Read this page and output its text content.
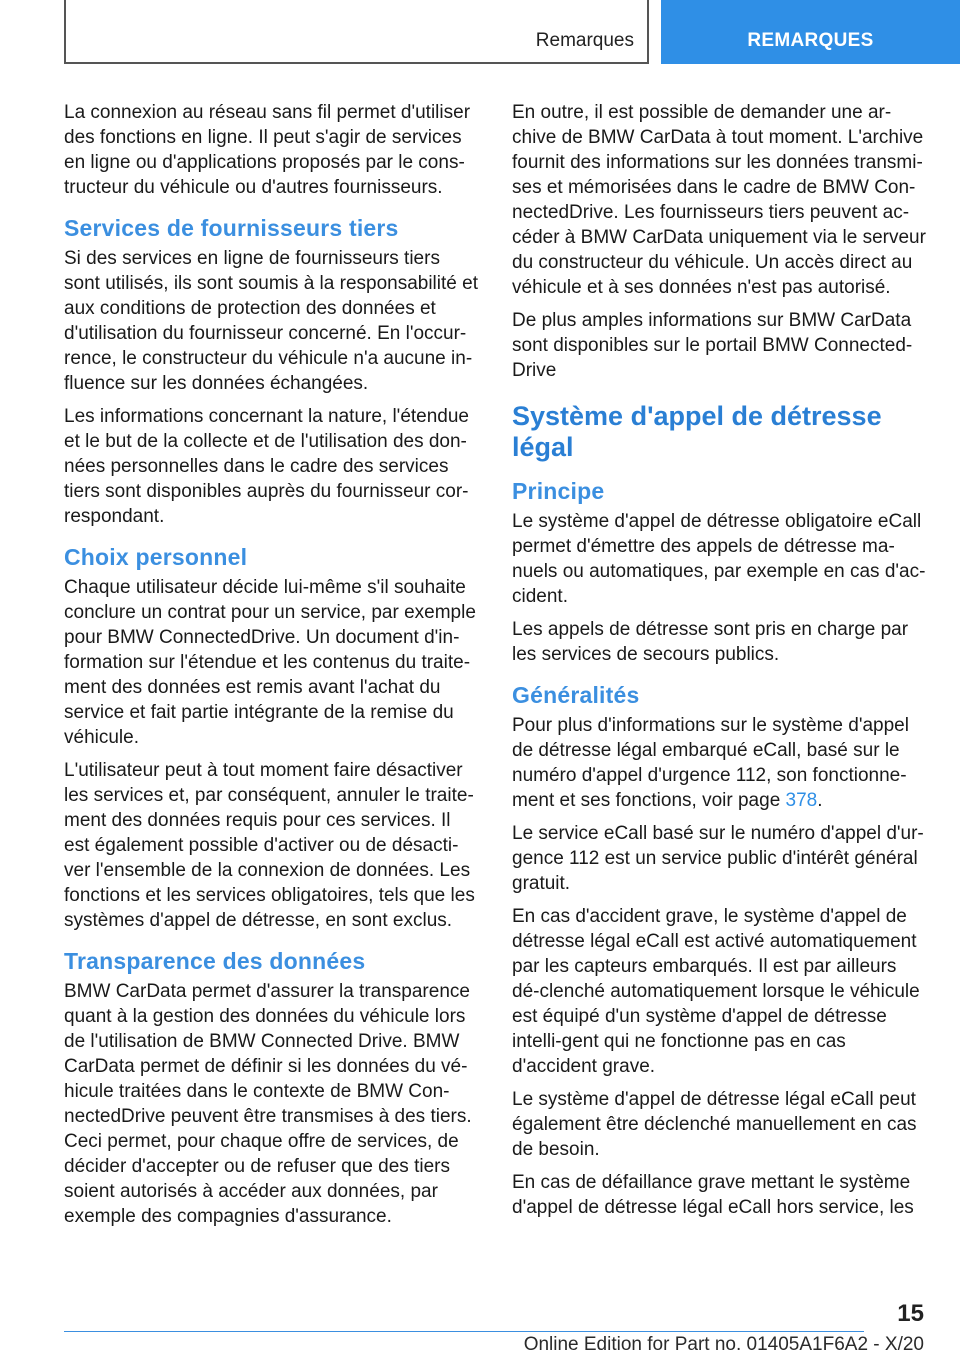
Remarques	REMARQUES

La connexion au réseau sans fil permet d'utiliser des fonctions en ligne. Il peut s'agir de services en ligne ou d'applications proposés par le cons-tructeur du véhicule ou d'autres fournisseurs.

Services de fournisseurs tiers

Si des services en ligne de fournisseurs tiers sont utilisés, ils sont soumis à la responsabilité et aux conditions de protection des données et d'utilisation du fournisseur concerné. En l'occur-rence, le constructeur du véhicule n'a aucune in-fluence sur les données échangées.

Les informations concernant la nature, l'étendue et le but de la collecte et de l'utilisation des don-nées personnelles dans le cadre des services tiers sont disponibles auprès du fournisseur cor-respondant.

Choix personnel

Chaque utilisateur décide lui-même s'il souhaite conclure un contrat pour un service, par exemple pour BMW ConnectedDrive. Un document d'in-formation sur l'étendue et les contenus du traite-ment des données est remis avant l'achat du service et fait partie intégrante de la remise du véhicule.

L'utilisateur peut à tout moment faire désactiver les services et, par conséquent, annuler le traite-ment des données requis pour ces services. Il est également possible d'activer ou de désacti-ver l'ensemble de la connexion de données. Les fonctions et les services obligatoires, tels que les systèmes d'appel de détresse, en sont exclus.

Transparence des données

BMW CarData permet d'assurer la transparence quant à la gestion des données du véhicule lors de l'utilisation de BMW Connected Drive. BMW CarData permet de définir si les données du vé-hicule traitées dans le contexte de BMW Con-nectedDrive peuvent être transmises à des tiers. Ceci permet, pour chaque offre de services, de décider d'accepter ou de refuser que des tiers soient autorisés à accéder aux données, par exemple des compagnies d'assurance.

En outre, il est possible de demander une ar-chive de BMW CarData à tout moment. L'archive fournit des informations sur les données transmi-ses et mémorisées dans le cadre de BMW Con-nectedDrive. Les fournisseurs tiers peuvent ac-céder à BMW CarData uniquement via le serveur du constructeur du véhicule. Un accès direct au véhicule et à ses données n'est pas autorisé.

De plus amples informations sur BMW CarData sont disponibles sur le portail BMW Connected-Drive

Système d'appel de détresse légal
Principe

Le système d'appel de détresse obligatoire eCall permet d'émettre des appels de détresse ma-nuels ou automatiques, par exemple en cas d'ac-cident.

Les appels de détresse sont pris en charge par les services de secours publics.

Généralités

Pour plus d'informations sur le système d'appel de détresse légal embarqué eCall, basé sur le numéro d'appel d'urgence 112, son fonctionne-ment et ses fonctions, voir page 378.

Le service eCall basé sur le numéro d'appel d'ur-gence 112 est un service public d'intérêt général gratuit.

En cas d'accident grave, le système d'appel de détresse légal eCall est activé automatiquement par les capteurs embarqués. Il est par ailleurs dé-clenché automatiquement lorsque le véhicule est équipé d'un système d'appel de détresse intelli-gent qui ne fonctionne pas en cas d'accident grave.

Le système d'appel de détresse légal eCall peut également être déclenché manuellement en cas de besoin.

En cas de défaillance grave mettant le système d'appel de détresse légal eCall hors service, les

15
Online Edition for Part no. 01405A1F6A2 - X/20
